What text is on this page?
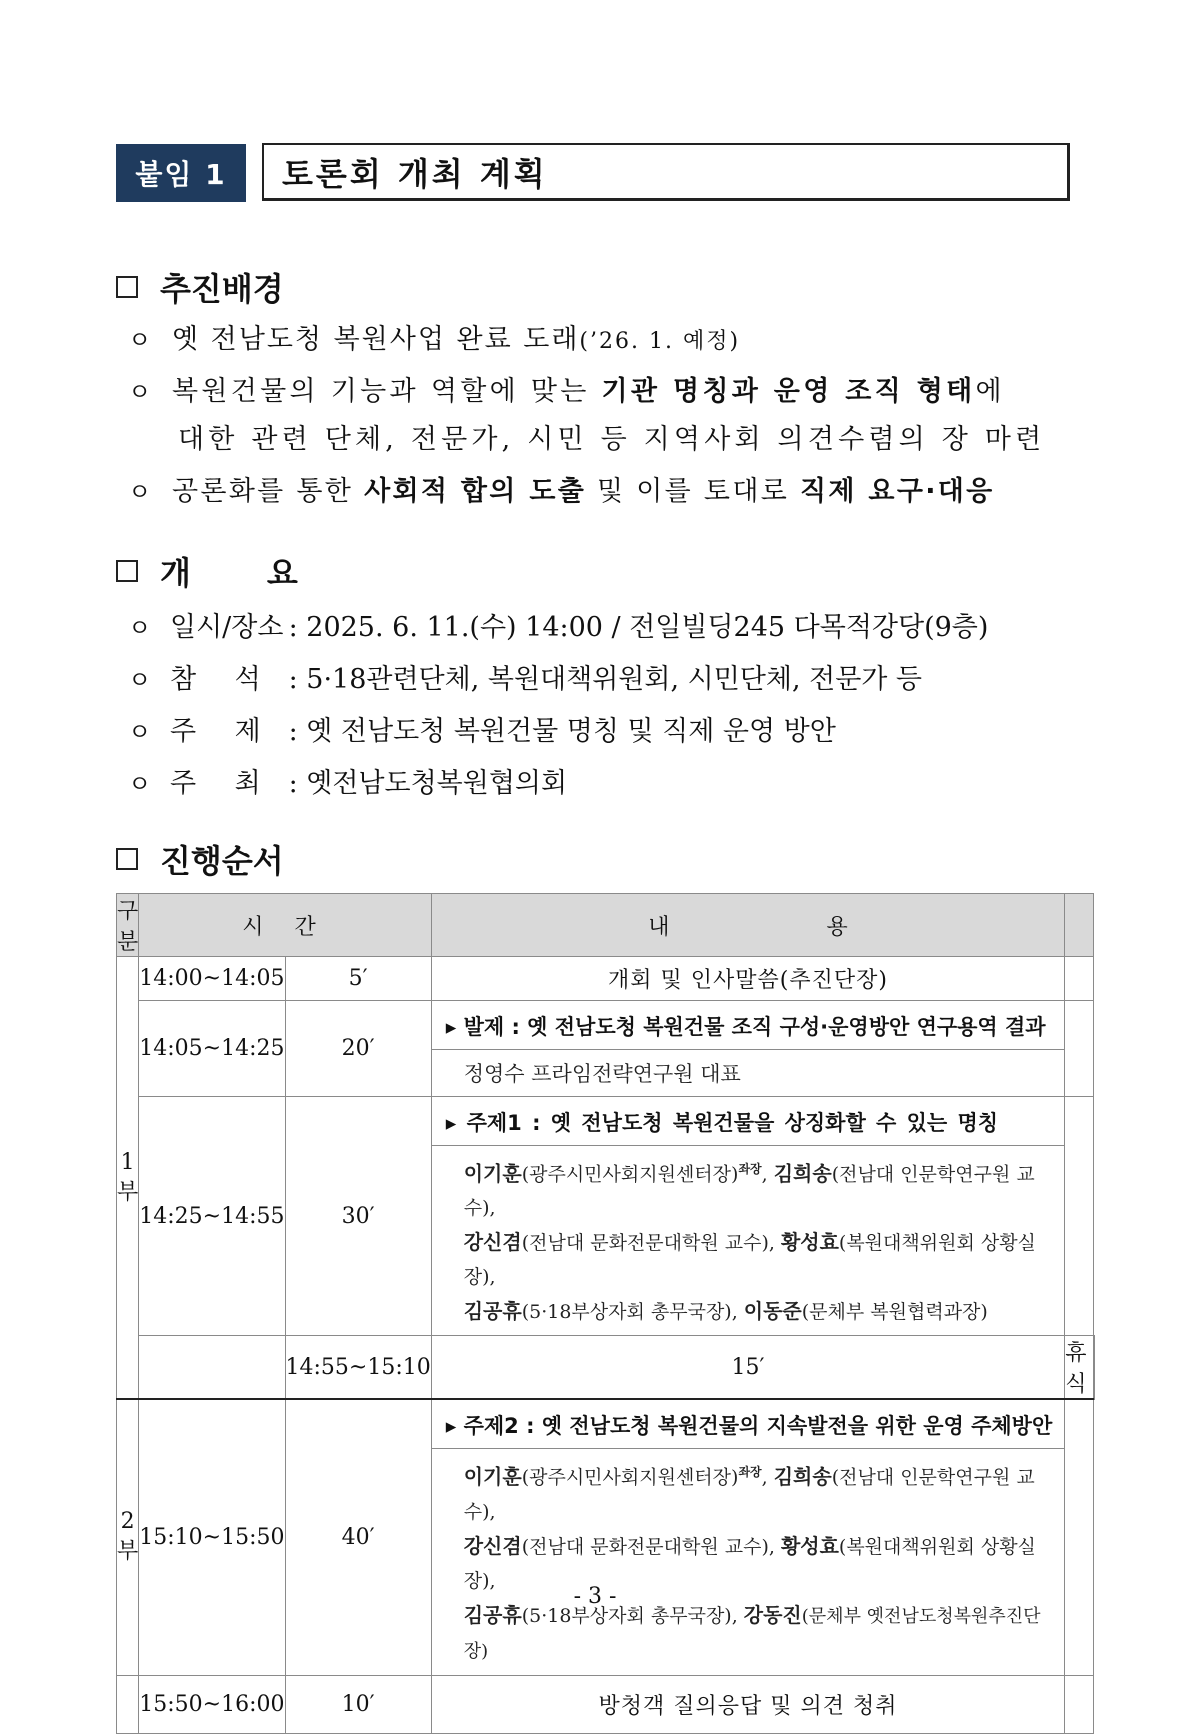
붙임 1	토론회 개최 계획
추진배경
ㅇ 옛 전남도청 복원사업 완료 도래(’26. 1. 예정)
ㅇ 복원건물의 기능과 역할에 맞는 기관 명칭과 운영 조직 형태에
대한 관련 단체, 전문가, 시민 등 지역사회 의견수렴의 장 마련
ㅇ 공론화를 통한 사회적 합의 도출 및 이를 토대로 직제 요구·대응
개 요
ㅇ 일시/장소 : 2025. 6. 11.(수) 14:00 / 전일빌딩245 다목적강당(9층)
ㅇ 참 석 : 5·18관련단체, 복원대책위원회, 시민단체, 전문가 등
ㅇ 주 제 : 옛 전남도청 복원건물 명칭 및 직제 운영 방안
ㅇ 주 최 : 옛전남도청복원협의회
진행순서
구분	시 간		내 용		
1부	14:00~14:05	5′	개회 및 인사말씀(추진단장)		
	14:05~14:25	20′	▸ 발제 : 옛 전남도청 복원건물 조직 구성·운영방안 연구용역 결과		
			정영수 프라임전략연구원 대표		
	14:25~14:55	30′	▸ 주제1 : 옛 전남도청 복원건물을 상징화할 수 있는 명칭		

			이기훈(광주시민사회지원센터장)$^{좌장}$, 김희송(전남대 인문학연구원 교수),
강신겸(전남대 문화전문대학원 교수), 황성효(복원대책위원회 상황실장),
김공휴(5·18부상자회 총무국장), 이동준(문체부 복원협력과장)		

		14:55~15:10	15′	휴 식	
2부	15:10~15:50	40′	▸ 주제2 : 옛 전남도청 복원건물의 지속발전을 위한 운영 주체방안		

			이기훈(광주시민사회지원센터장)$^{좌장}$, 김희송(전남대 인문학연구원 교수),
강신겸(전남대 문화전문대학원 교수), 황성효(복원대책위원회 상황실장),
김공휴(5·18부상자회 총무국장), 강동진(문체부 옛전남도청복원추진단장)		

	15:50~16:00	10′	방청객 질의응답 및 의견 청취		
- 3 -
